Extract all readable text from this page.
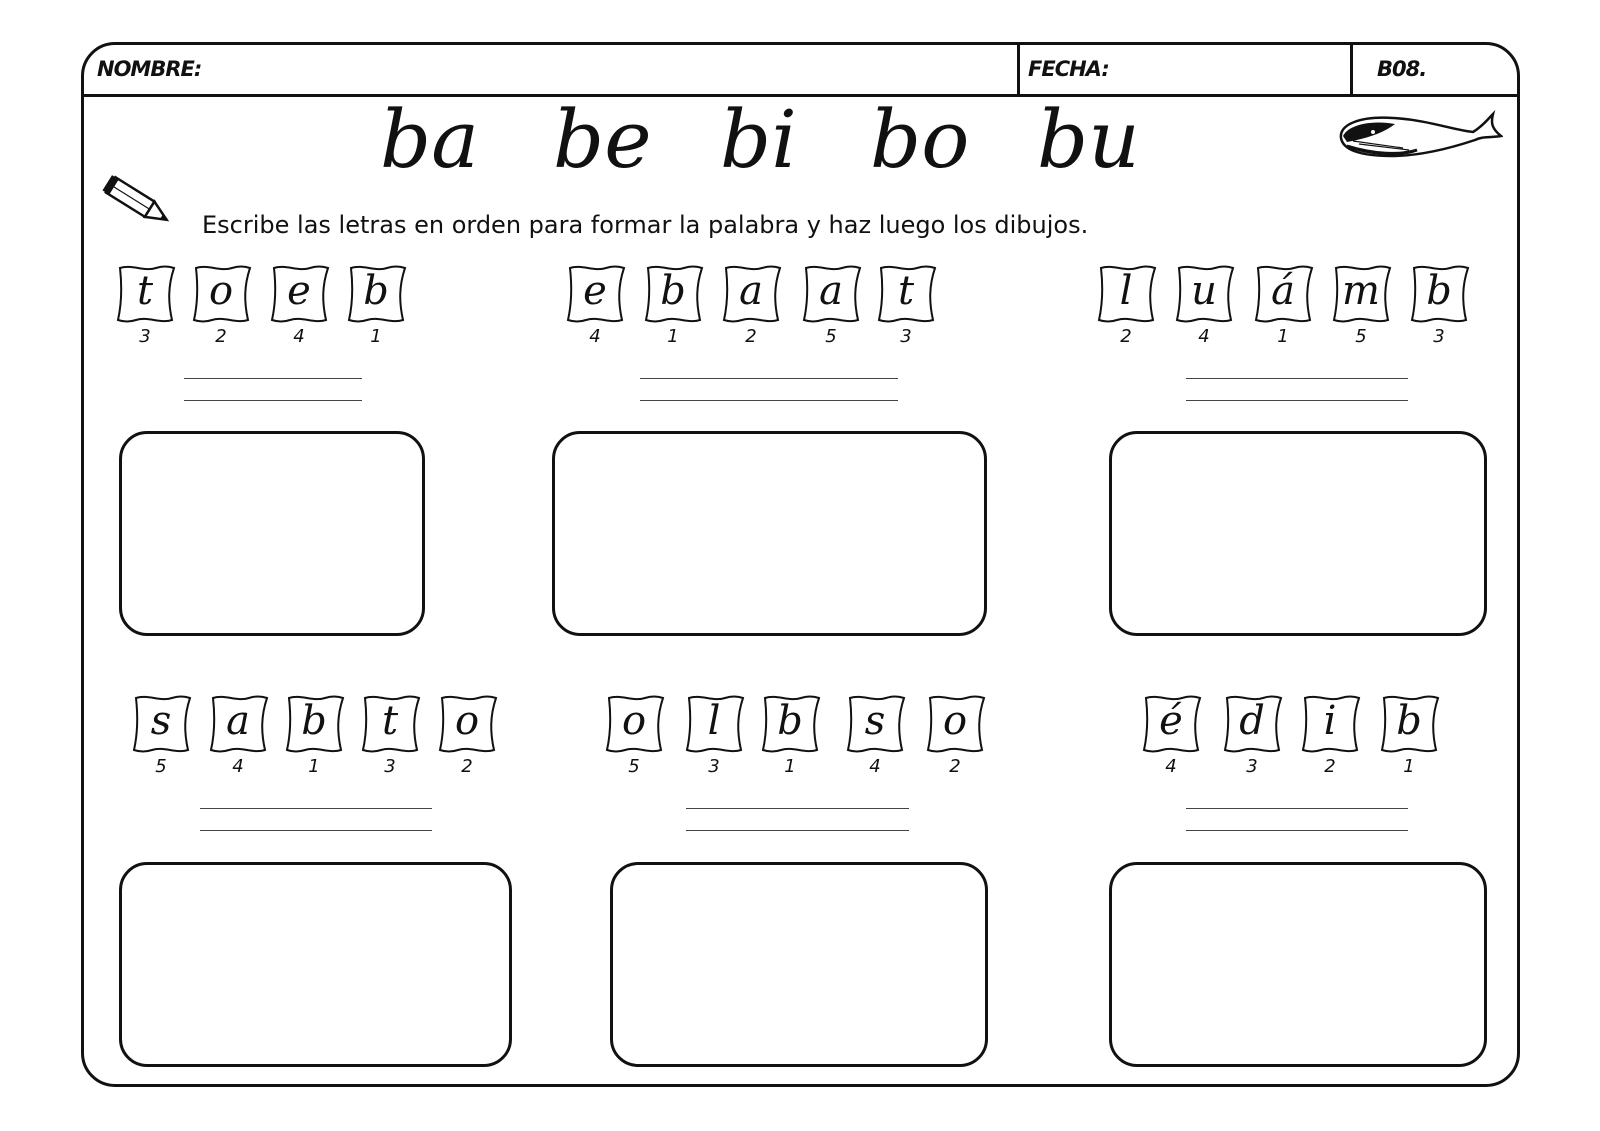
NOMBRE:	FECHA:	B08.
ba be bi bo bu
Escribe las letras en orden para formar la palabra y haz luego los dibujos.
t
3
o
2
e
4
b
1
e
4
b
1
a
2
a
5
t
3
l
2
u
4
á
1
m
5
b
3
s
5
a
4
b
1
t
3
o
2
o
5
l
3
b
1
s
4
o
2
é
4
d
3
i
2
b
1
